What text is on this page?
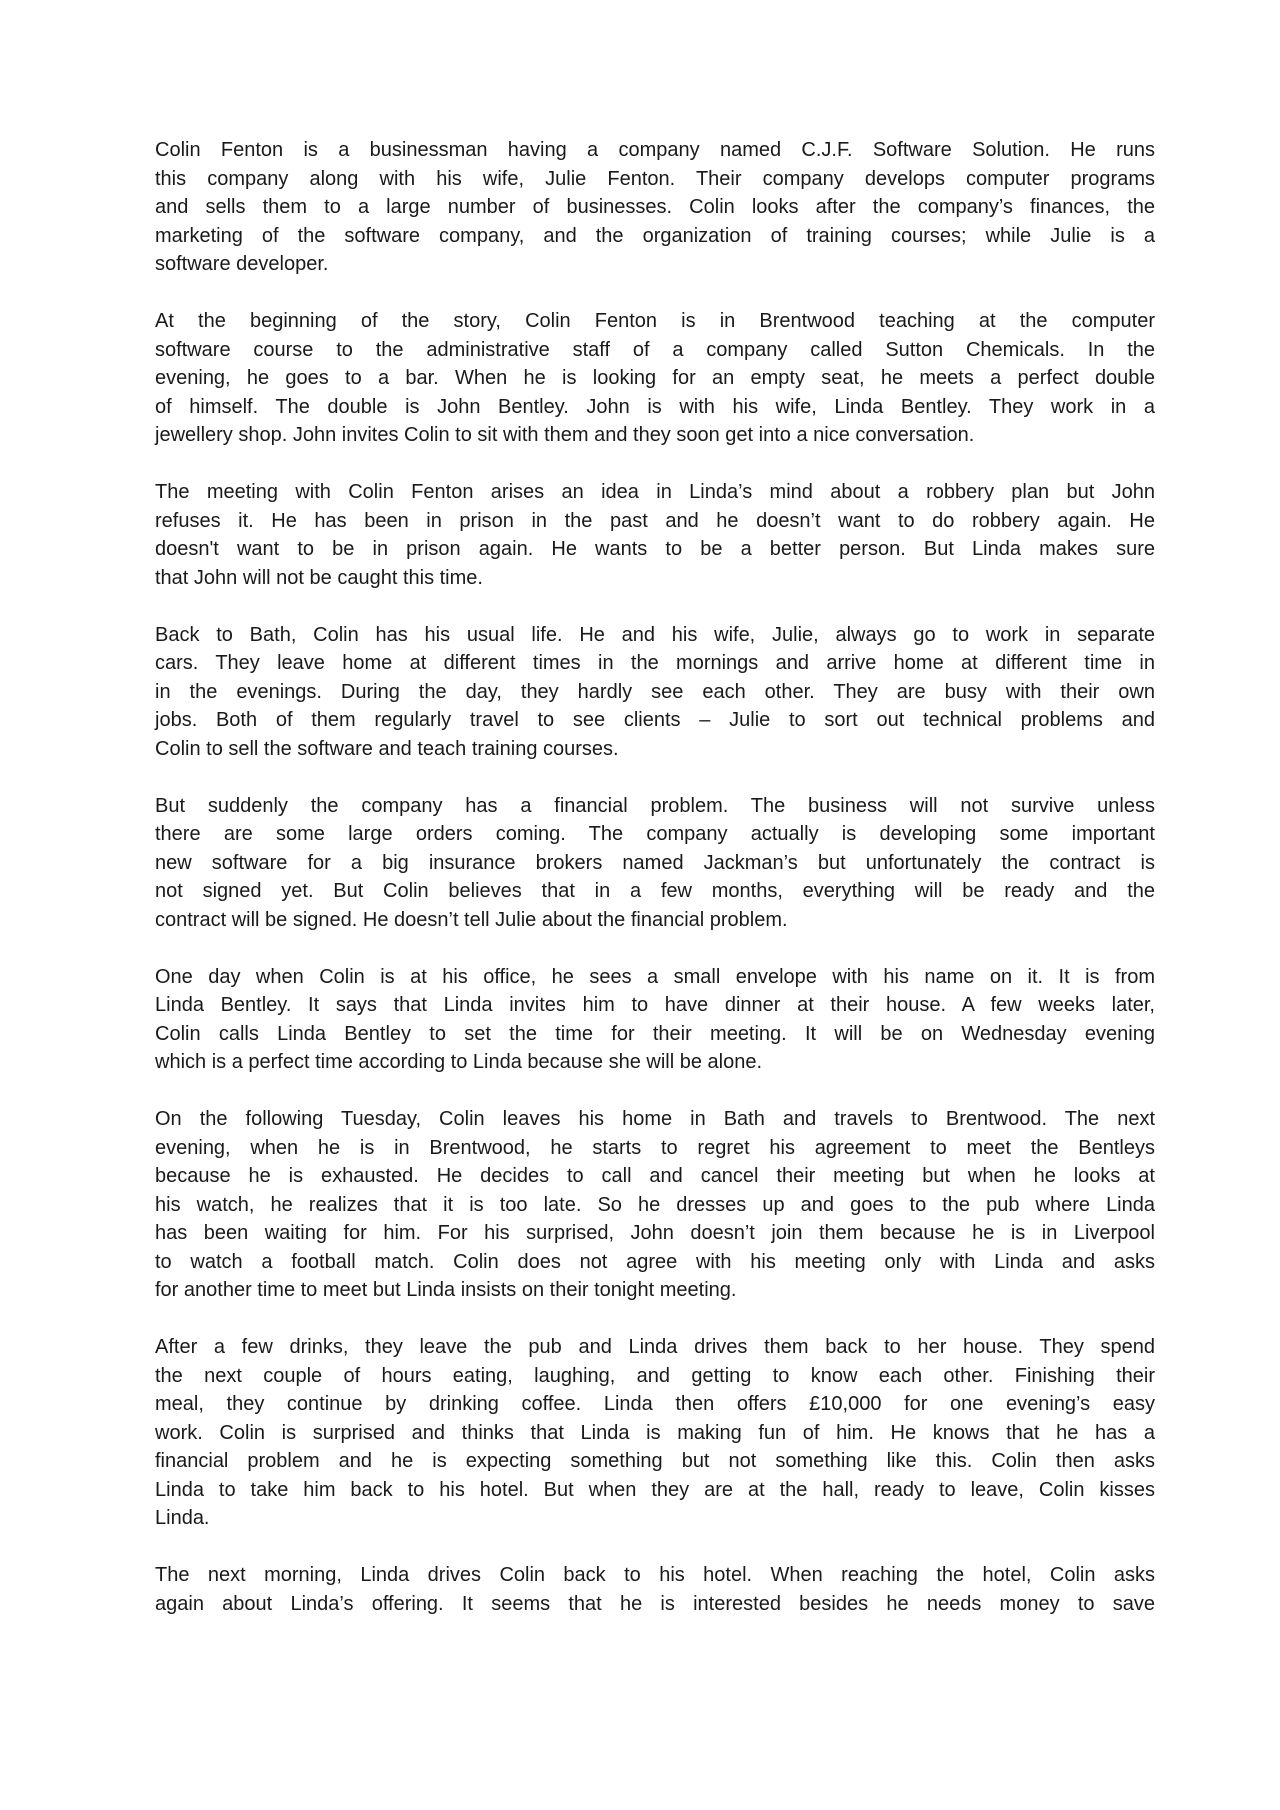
Colin Fenton is a businessman having a company named C.J.F. Software Solution. He runs
this company along with his wife, Julie Fenton. Their company develops computer programs
and sells them to a large number of businesses. Colin looks after the company’s finances, the
marketing of the software company, and the organization of training courses; while Julie is a
software developer.
At the beginning of the story, Colin Fenton is in Brentwood teaching at the computer
software course to the administrative staff of a company called Sutton Chemicals. In the
evening, he goes to a bar. When he is looking for an empty seat, he meets a perfect double
of himself. The double is John Bentley. John is with his wife, Linda Bentley. They work in a
jewellery shop. John invites Colin to sit with them and they soon get into a nice conversation.
The meeting with Colin Fenton arises an idea in Linda’s mind about a robbery plan but John
refuses it. He has been in prison in the past and he doesn’t want to do robbery again. He
doesn't want to be in prison again. He wants to be a better person. But Linda makes sure
that John will not be caught this time.
Back to Bath, Colin has his usual life. He and his wife, Julie, always go to work in separate
cars. They leave home at different times in the mornings and arrive home at different time in
in the evenings. During the day, they hardly see each other. They are busy with their own
jobs. Both of them regularly travel to see clients – Julie to sort out technical problems and
Colin to sell the software and teach training courses.
But suddenly the company has a financial problem. The business will not survive unless
there are some large orders coming. The company actually is developing some important
new software for a big insurance brokers named Jackman’s but unfortunately the contract is
not signed yet. But Colin believes that in a few months, everything will be ready and the
contract will be signed. He doesn’t tell Julie about the financial problem.
One day when Colin is at his office, he sees a small envelope with his name on it. It is from
Linda Bentley. It says that Linda invites him to have dinner at their house. A few weeks later,
Colin calls Linda Bentley to set the time for their meeting. It will be on Wednesday evening
which is a perfect time according to Linda because she will be alone.
On the following Tuesday, Colin leaves his home in Bath and travels to Brentwood. The next
evening, when he is in Brentwood, he starts to regret his agreement to meet the Bentleys
because he is exhausted. He decides to call and cancel their meeting but when he looks at
his watch, he realizes that it is too late. So he dresses up and goes to the pub where Linda
has been waiting for him. For his surprised, John doesn’t join them because he is in Liverpool
to watch a football match. Colin does not agree with his meeting only with Linda and asks
for another time to meet but Linda insists on their tonight meeting.
After a few drinks, they leave the pub and Linda drives them back to her house. They spend
the next couple of hours eating, laughing, and getting to know each other. Finishing their
meal, they continue by drinking coffee. Linda then offers £10,000 for one evening’s easy
work. Colin is surprised and thinks that Linda is making fun of him. He knows that he has a
financial problem and he is expecting something but not something like this. Colin then asks
Linda to take him back to his hotel. But when they are at the hall, ready to leave, Colin kisses
Linda.
The next morning, Linda drives Colin back to his hotel. When reaching the hotel, Colin asks
again about Linda’s offering. It seems that he is interested besides he needs money to save
